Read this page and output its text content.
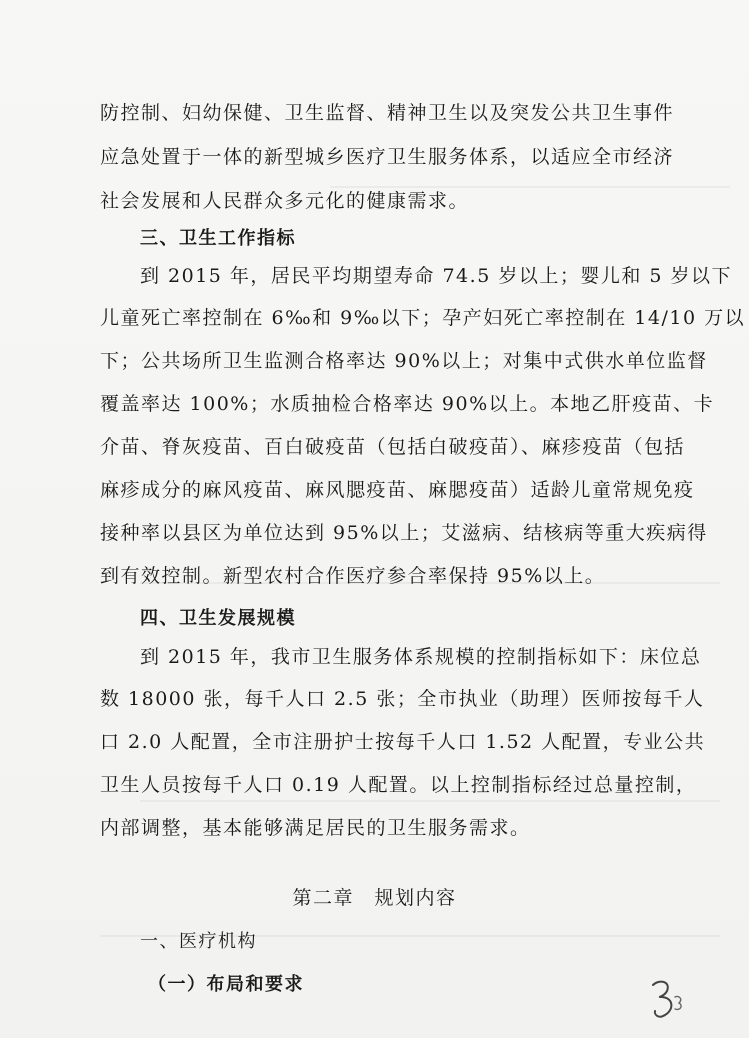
防控制、妇幼保健、卫生监督、精神卫生以及突发公共卫生事件
应急处置于一体的新型城乡医疗卫生服务体系，以适应全市经济
社会发展和人民群众多元化的健康需求。
三、卫生工作指标
到 2015 年，居民平均期望寿命 74.5 岁以上；婴儿和 5 岁以下
儿童死亡率控制在 6‰和 9‰以下；孕产妇死亡率控制在 14/10 万以
下；公共场所卫生监测合格率达 90%以上；对集中式供水单位监督
覆盖率达 100%；水质抽检合格率达 90%以上。本地乙肝疫苗、卡
介苗、脊灰疫苗、百白破疫苗（包括白破疫苗）、麻疹疫苗（包括
麻疹成分的麻风疫苗、麻风腮疫苗、麻腮疫苗）适龄儿童常规免疫
接种率以县区为单位达到 95%以上；艾滋病、结核病等重大疾病得
到有效控制。新型农村合作医疗参合率保持 95%以上。
四、卫生发展规模
到 2015 年，我市卫生服务体系规模的控制指标如下：床位总
数 18000 张，每千人口 2.5 张；全市执业（助理）医师按每千人
口 2.0 人配置，全市注册护士按每千人口 1.52 人配置，专业公共
卫生人员按每千人口 0.19 人配置。以上控制指标经过总量控制，
内部调整，基本能够满足居民的卫生服务需求。
第二章　规划内容
一、医疗机构
（一）布局和要求
